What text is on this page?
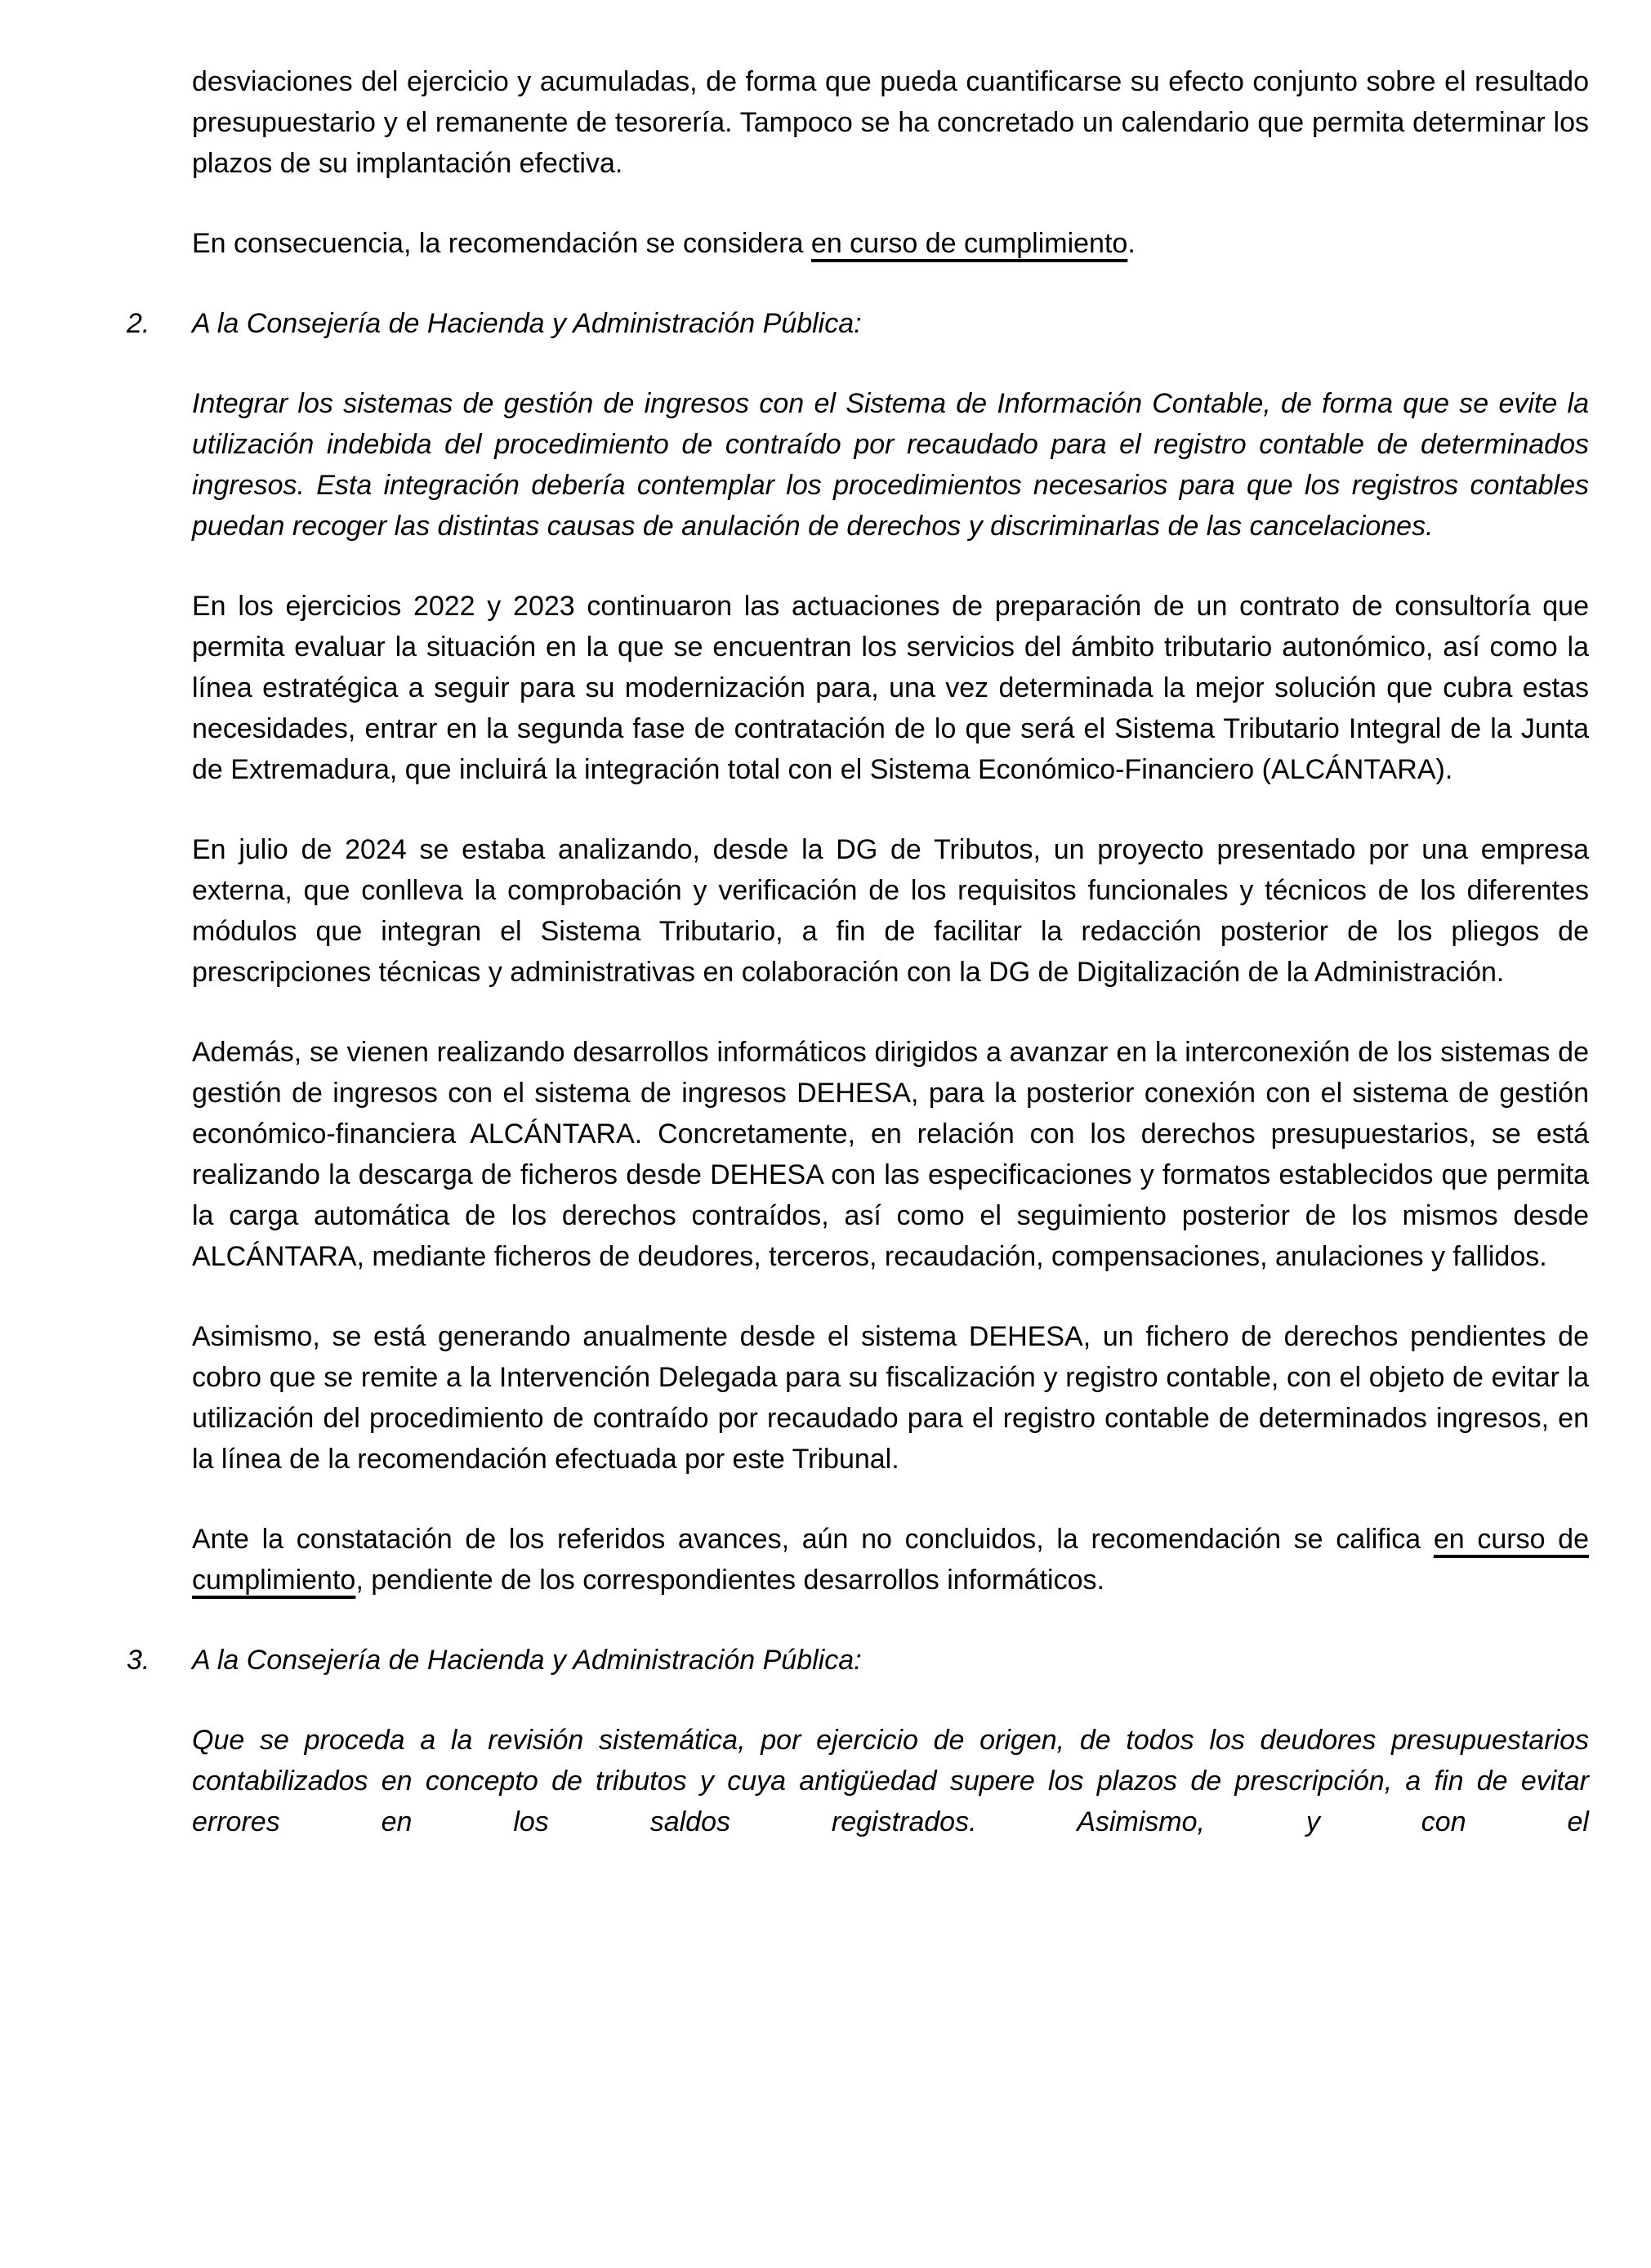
desviaciones del ejercicio y acumuladas, de forma que pueda cuantificarse su efecto conjunto sobre el resultado presupuestario y el remanente de tesorería. Tampoco se ha concretado un calendario que permita determinar los plazos de su implantación efectiva.

En consecuencia, la recomendación se considera en curso de cumplimiento.

2. A la Consejería de Hacienda y Administración Pública:

Integrar los sistemas de gestión de ingresos con el Sistema de Información Contable, de forma que se evite la utilización indebida del procedimiento de contraído por recaudado para el registro contable de determinados ingresos. Esta integración debería contemplar los procedimientos necesarios para que los registros contables puedan recoger las distintas causas de anulación de derechos y discriminarlas de las cancelaciones.

En los ejercicios 2022 y 2023 continuaron las actuaciones de preparación de un contrato de consultoría que permita evaluar la situación en la que se encuentran los servicios del ámbito tributario autonómico, así como la línea estratégica a seguir para su modernización para, una vez determinada la mejor solución que cubra estas necesidades, entrar en la segunda fase de contratación de lo que será el Sistema Tributario Integral de la Junta de Extremadura, que incluirá la integración total con el Sistema Económico-Financiero (ALCÁNTARA).

En julio de 2024 se estaba analizando, desde la DG de Tributos, un proyecto presentado por una empresa externa, que conlleva la comprobación y verificación de los requisitos funcionales y técnicos de los diferentes módulos que integran el Sistema Tributario, a fin de facilitar la redacción posterior de los pliegos de prescripciones técnicas y administrativas en colaboración con la DG de Digitalización de la Administración.

Además, se vienen realizando desarrollos informáticos dirigidos a avanzar en la interconexión de los sistemas de gestión de ingresos con el sistema de ingresos DEHESA, para la posterior conexión con el sistema de gestión económico-financiera ALCÁNTARA. Concretamente, en relación con los derechos presupuestarios, se está realizando la descarga de ficheros desde DEHESA con las especificaciones y formatos establecidos que permita la carga automática de los derechos contraídos, así como el seguimiento posterior de los mismos desde ALCÁNTARA, mediante ficheros de deudores, terceros, recaudación, compensaciones, anulaciones y fallidos.

Asimismo, se está generando anualmente desde el sistema DEHESA, un fichero de derechos pendientes de cobro que se remite a la Intervención Delegada para su fiscalización y registro contable, con el objeto de evitar la utilización del procedimiento de contraído por recaudado para el registro contable de determinados ingresos, en la línea de la recomendación efectuada por este Tribunal.

Ante la constatación de los referidos avances, aún no concluidos, la recomendación se califica en curso de cumplimiento, pendiente de los correspondientes desarrollos informáticos.

3. A la Consejería de Hacienda y Administración Pública:

Que se proceda a la revisión sistemática, por ejercicio de origen, de todos los deudores presupuestarios contabilizados en concepto de tributos y cuya antigüedad supere los plazos de prescripción, a fin de evitar errores en los saldos registrados. Asimismo, y con el
